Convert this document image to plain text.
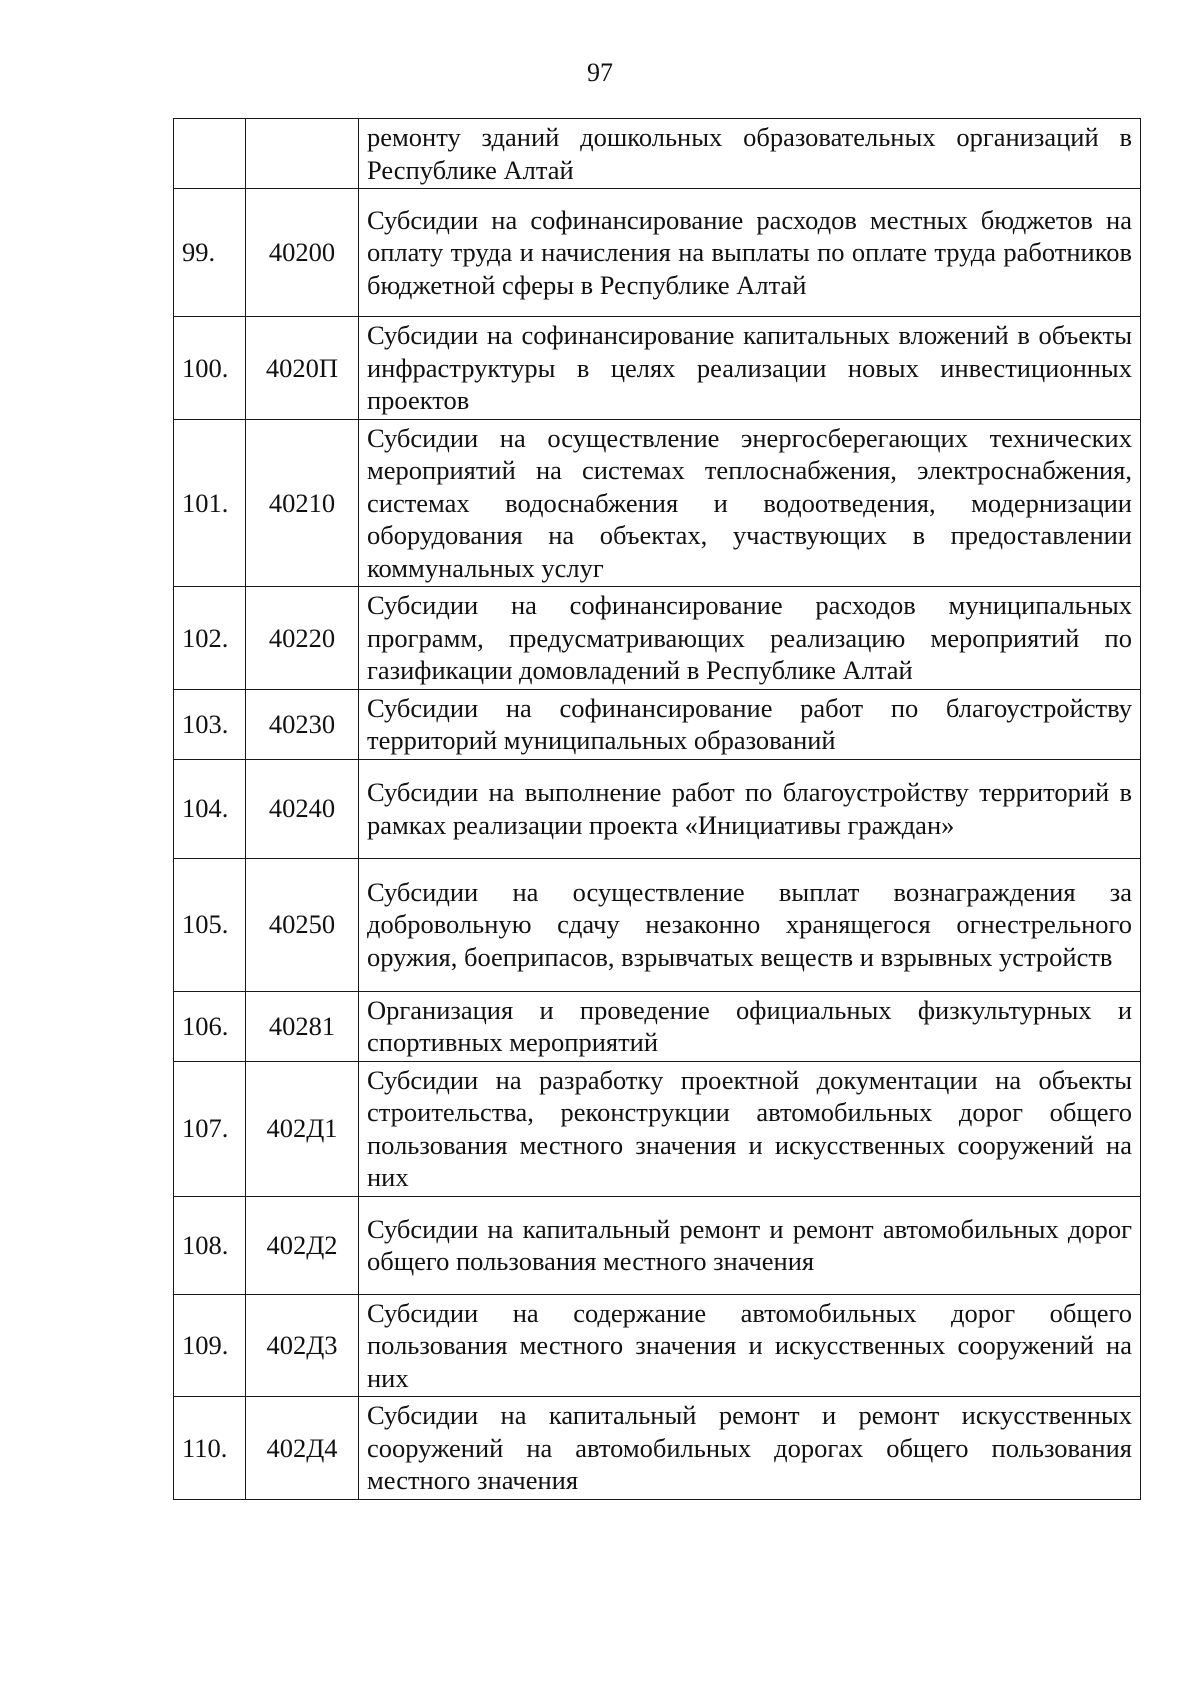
97
		ремонту зданий дошкольных образовательных организаций в Республике Алтай
99.	40200	Субсидии на софинансирование расходов местных бюджетов на оплату труда и начисления на выплаты по оплате труда работников бюджетной сферы в Республике Алтай
100.	4020П	Субсидии на софинансирование капитальных вложений в объекты инфраструктуры в целях реализации новых инвестиционных проектов
101.	40210	Субсидии на осуществление энергосберегающих технических мероприятий на системах теплоснабжения, электроснабжения, системах водоснабжения и водоотведения, модернизации оборудования на объектах, участвующих в предоставлении коммунальных услуг
102.	40220	Субсидии на софинансирование расходов муниципальных программ, предусматривающих реализацию мероприятий по газификации домовладений в Республике Алтай
103.	40230	Субсидии на софинансирование работ по благоустройству территорий муниципальных образований
104.	40240	Субсидии на выполнение работ по благоустройству территорий в рамках реализации проекта «Инициативы граждан»
105.	40250	Субсидии на осуществление выплат вознаграждения за добровольную сдачу незаконно хранящегося огнестрельного оружия, боеприпасов, взрывчатых веществ и взрывных устройств
106.	40281	Организация и проведение официальных физкультурных и спортивных мероприятий
107.	402Д1	Субсидии на разработку проектной документации на объекты строительства, реконструкции автомобильных дорог общего пользования местного значения и искусственных сооружений на них
108.	402Д2	Субсидии на капитальный ремонт и ремонт автомобильных дорог общего пользования местного значения
109.	402Д3	Субсидии на содержание автомобильных дорог общего пользования местного значения и искусственных сооружений на них
110.	402Д4	Субсидии на капитальный ремонт и ремонт искусственных сооружений на автомобильных дорогах общего пользования местного значения
